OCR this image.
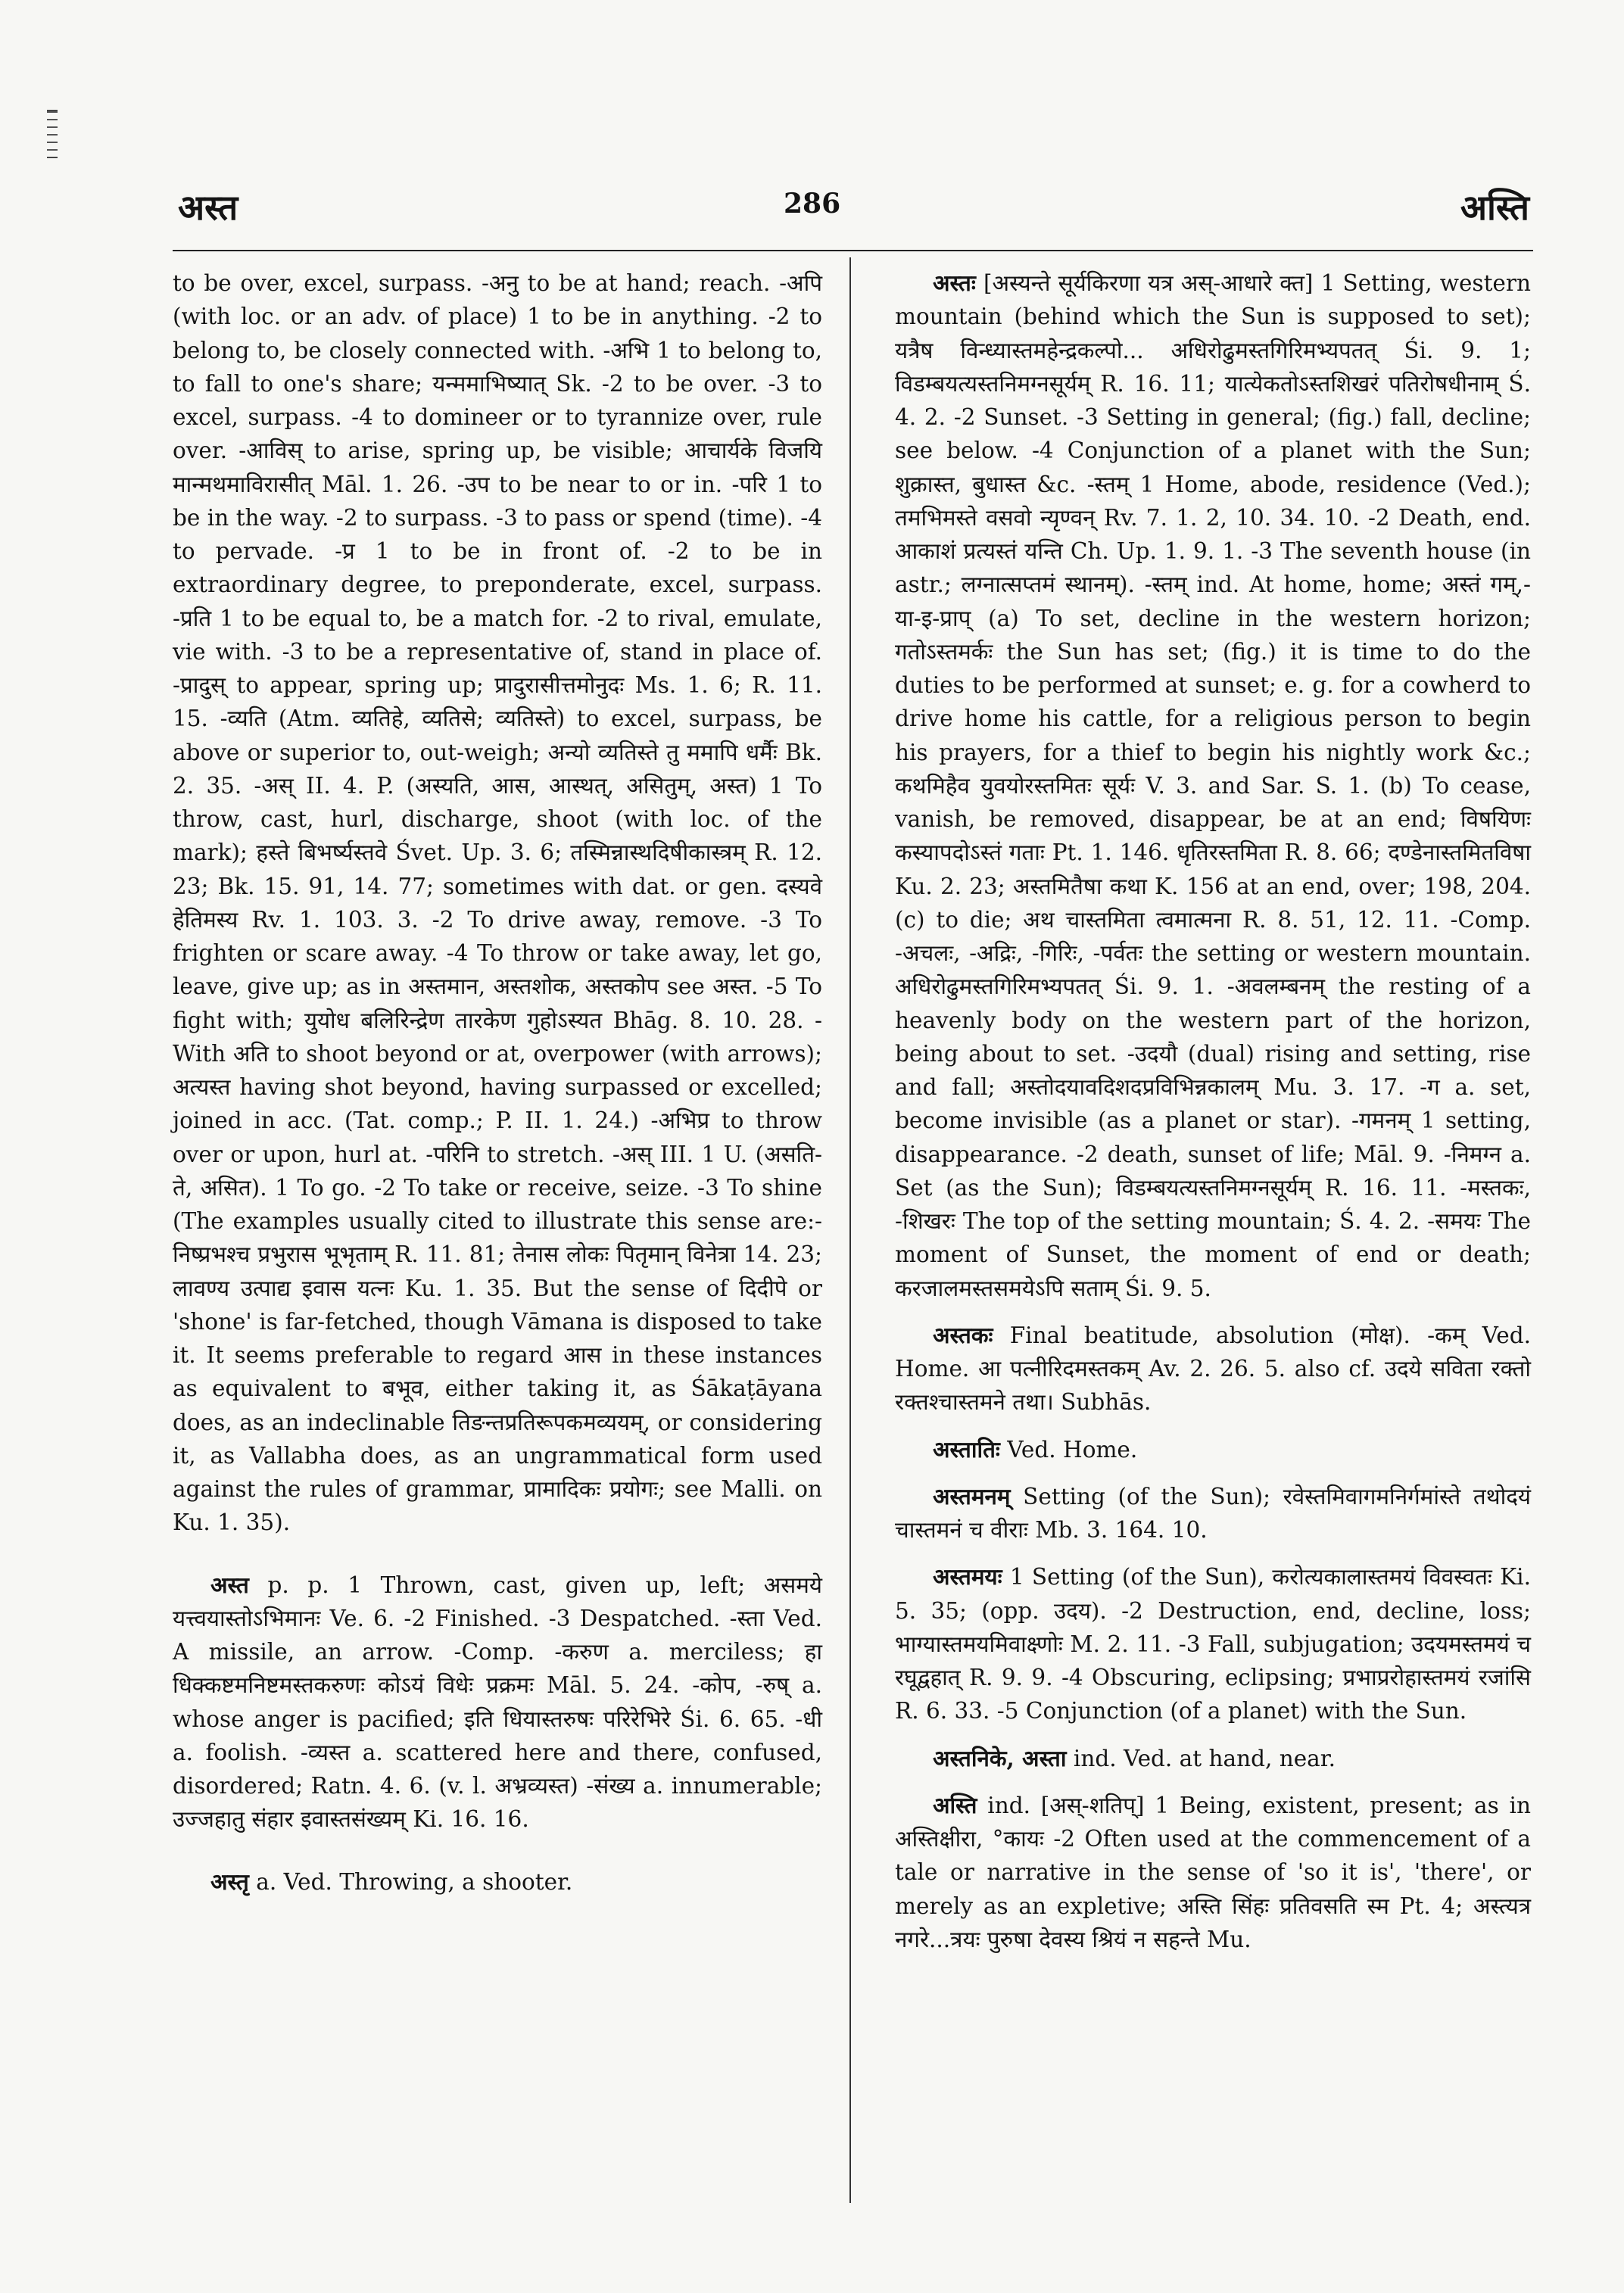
अस्त	286	अस्ति

to be over, excel, surpass. -अनु to be at hand; reach. -अपि (with loc. or an adv. of place) 1 to be in anything. -2 to belong to, be closely connected with. -अभि 1 to belong to, to fall to one's share; यन्ममाभिष्यात् Sk. -2 to be over. -3 to excel, surpass. -4 to domineer or to tyrannize over, rule over. -आविस् to arise, spring up, be visible; आचार्यके विजयि मान्मथमाविरासीत् Māl. 1. 26. -उप to be near to or in. -परि 1 to be in the way. -2 to surpass. -3 to pass or spend (time). -4 to pervade. -प्र 1 to be in front of. -2 to be in extraordinary degree, to preponderate, excel, surpass. -प्रति 1 to be equal to, be a match for. -2 to rival, emulate, vie with. -3 to be a representative of, stand in place of. -प्रादुस् to appear, spring up; प्रादुरासीत्तमोनुदः Ms. 1. 6; R. 11. 15. -व्यति (Atm. व्यतिहे, व्यतिसे; व्यतिस्ते) to excel, surpass, be above or superior to, out-weigh; अन्यो व्यतिस्ते तु ममापि धर्मैः Bk. 2. 35. -अस् II. 4. P. (अस्यति, आस, आस्थत्, असितुम्, अस्त) 1 To throw, cast, hurl, discharge, shoot (with loc. of the mark); हस्ते बिभर्ष्यस्तवे Śvet. Up. 3. 6; तस्मिन्नास्थदिषीकास्त्रम् R. 12. 23; Bk. 15. 91, 14. 77; sometimes with dat. or gen. दस्यवे हेतिमस्य Rv. 1. 103. 3. -2 To drive away, remove. -3 To frighten or scare away. -4 To throw or take away, let go, leave, give up; as in अस्तमान, अस्तशोक, अस्तकोप see अस्त. -5 To fight with; युयोध बलिरिन्द्रेण तारकेण गुहोऽस्यत Bhāg. 8. 10. 28. -With अति to shoot beyond or at, overpower (with arrows); अत्यस्त having shot beyond, having surpassed or excelled; joined in acc. (Tat. comp.; P. II. 1. 24.) -अभिप्र to throw over or upon, hurl at. -परिनि to stretch. -अस् III. 1 U. (असति-ते, असित). 1 To go. -2 To take or receive, seize. -3 To shine (The examples usually cited to illustrate this sense are:- निष्प्रभश्च प्रभुरास भूभृताम् R. 11. 81; तेनास लोकः पितृमान् विनेत्रा 14. 23; लावण्य उत्पाद्य इवास यत्नः Ku. 1. 35. But the sense of दिदीपे or 'shone' is far-fetched, though Vāmana is disposed to take it. It seems preferable to regard आस in these instances as equivalent to बभूव, either taking it, as Śākaṭāyana does, as an indeclinable तिङन्तप्रतिरूपकमव्ययम्, or considering it, as Vallabha does, as an ungrammatical form used against the rules of grammar, प्रामादिकः प्रयोगः; see Malli. on Ku. 1. 35).

अस्त p. p. 1 Thrown, cast, given up, left; असमये यत्त्वयास्तोऽभिमानः Ve. 6. -2 Finished. -3 Despatched. -स्ता Ved. A missile, an arrow. -Comp. -करुण a. merciless; हा धिक्कष्टमनिष्टमस्तकरुणः कोऽयं विधेः प्रक्रमः Māl. 5. 24. -कोप, -रुष् a. whose anger is pacified; इति धियास्तरुषः परिरेभिरे Śi. 6. 65. -धी a. foolish. -व्यस्त a. scattered here and there, confused, disordered; Ratn. 4. 6. (v. l. अभ्रव्यस्त) -संख्य a. innumerable; उज्जहातु संहार इवास्तसंख्यम् Ki. 16. 16.

अस्तृ a. Ved. Throwing, a shooter.

अस्तः [अस्यन्ते सूर्यकिरणा यत्र अस्-आधारे क्त] 1 Setting, western mountain (behind which the Sun is supposed to set); यत्रैष विन्ध्यास्तमहेन्द्रकल्पो... अधिरोढुमस्तगिरिमभ्यपतत् Śi. 9. 1; विडम्बयत्यस्तनिमग्नसूर्यम् R. 16. 11; यात्येकतोऽस्तशिखरं पतिरोषधीनाम् Ś. 4. 2. -2 Sunset. -3 Setting in general; (fig.) fall, decline; see below. -4 Conjunction of a planet with the Sun; शुक्रास्त, बुधास्त &c. -स्तम् 1 Home, abode, residence (Ved.); तमभिमस्ते वसवो न्यृण्वन् Rv. 7. 1. 2, 10. 34. 10. -2 Death, end. आकाशं प्रत्यस्तं यन्ति Ch. Up. 1. 9. 1. -3 The seventh house (in astr.; लग्नात्सप्तमं स्थानम्). -स्तम् ind. At home, home; अस्तं गम्,-या-इ-प्राप् (a) To set, decline in the western horizon; गतोऽस्तमर्कः the Sun has set; (fig.) it is time to do the duties to be performed at sunset; e. g. for a cowherd to drive home his cattle, for a religious person to begin his prayers, for a thief to begin his nightly work &c.; कथमिहैव युवयोरस्तमितः सूर्यः V. 3. and Sar. S. 1. (b) To cease, vanish, be removed, disappear, be at an end; विषयिणः कस्यापदोऽस्तं गताः Pt. 1. 146. धृतिरस्तमिता R. 8. 66; दण्डेनास्तमितविषा Ku. 2. 23; अस्तमितैषा कथा K. 156 at an end, over; 198, 204. (c) to die; अथ चास्तमिता त्वमात्मना R. 8. 51, 12. 11. -Comp. -अचलः, -अद्रिः, -गिरिः, -पर्वतः the setting or western mountain. अधिरोढुमस्तगिरिमभ्यपतत् Śi. 9. 1. -अवलम्बनम् the resting of a heavenly body on the western part of the horizon, being about to set. -उदयौ (dual) rising and setting, rise and fall; अस्तोदयावदिशदप्रविभिन्नकालम् Mu. 3. 17. -ग a. set, become invisible (as a planet or star). -गमनम् 1 setting, disappearance. -2 death, sunset of life; Māl. 9. -निमग्न a. Set (as the Sun); विडम्बयत्यस्तनिमग्नसूर्यम् R. 16. 11. -मस्तकः, -शिखरः The top of the setting mountain; Ś. 4. 2. -समयः The moment of Sunset, the moment of end or death; करजालमस्तसमयेऽपि सताम् Śi. 9. 5.

अस्तकः Final beatitude, absolution (मोक्ष). -कम् Ved. Home. आ पत्नीरिदमस्तकम् Av. 2. 26. 5. also cf. उदये सविता रक्तो रक्तश्चास्तमने तथा। Subhās.

अस्तातिः Ved. Home.

अस्तमनम् Setting (of the Sun); रवेस्तमिवागमनिर्गमांस्ते तथोदयं चास्तमनं च वीराः Mb. 3. 164. 10.

अस्तमयः 1 Setting (of the Sun), करोत्यकालास्तमयं विवस्वतः Ki. 5. 35; (opp. उदय). -2 Destruction, end, decline, loss; भाग्यास्तमयमिवाक्ष्णोः M. 2. 11. -3 Fall, subjugation; उदयमस्तमयं च रघूद्वहात् R. 9. 9. -4 Obscuring, eclipsing; प्रभाप्ररोहास्तमयं रजांसि R. 6. 33. -5 Conjunction (of a planet) with the Sun.

अस्तनिके, अस्ता ind. Ved. at hand, near.

अस्ति ind. [अस्-शतिप्] 1 Being, existent, present; as in अस्तिक्षीरा, °कायः -2 Often used at the commencement of a tale or narrative in the sense of 'so it is', 'there', or merely as an expletive; अस्ति सिंहः प्रतिवसति स्म Pt. 4; अस्त्यत्र नगरे...त्रयः पुरुषा देवस्य श्रियं न सहन्ते Mu.
